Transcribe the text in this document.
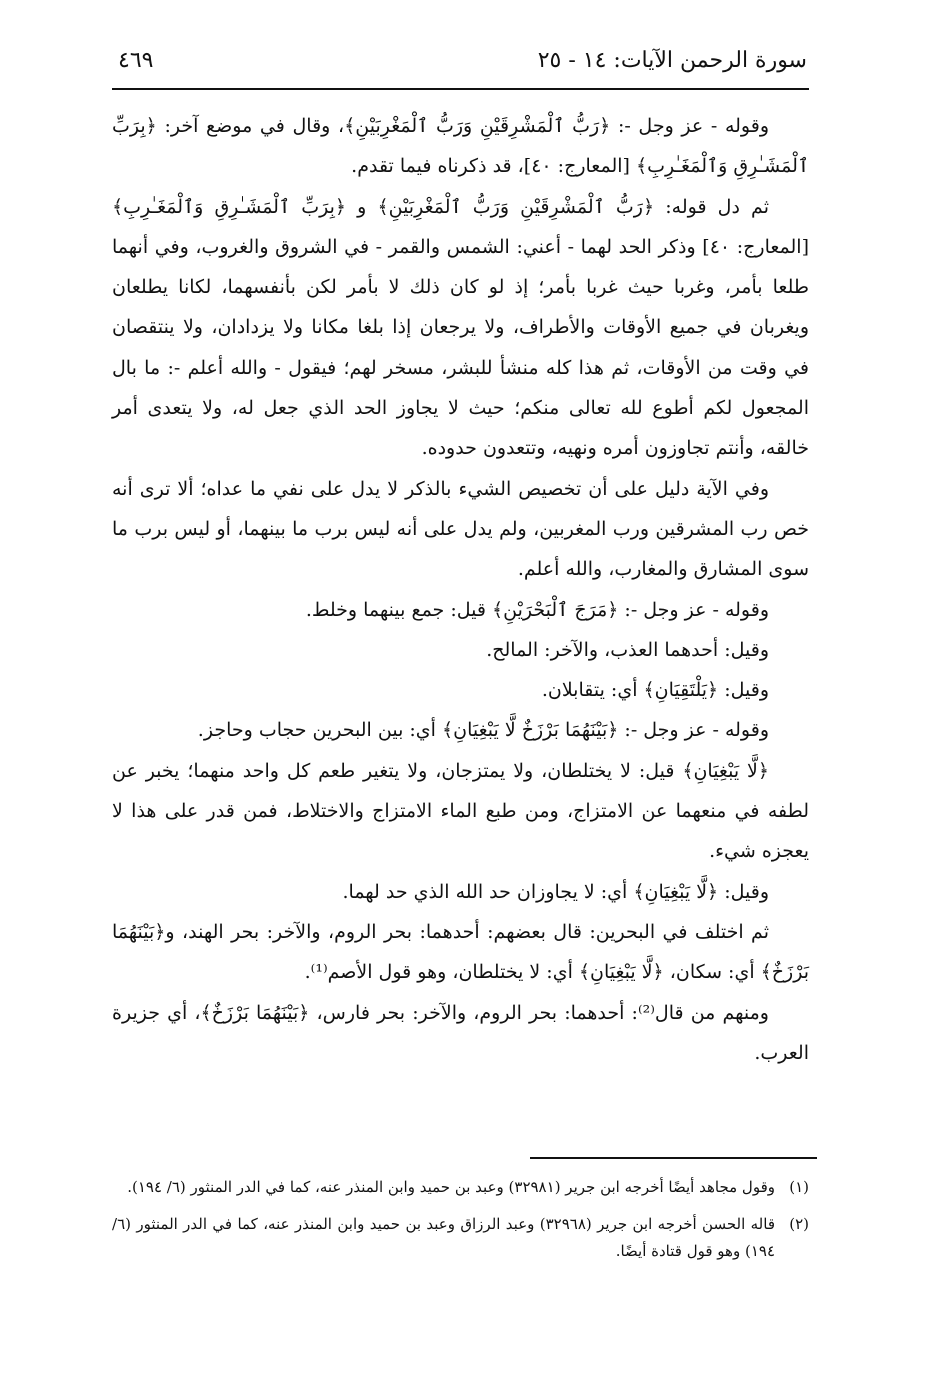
سورة الرحمن الآيات: ١٤ - ٢٥
٤٦٩

وقوله - عز وجل -: ﴿رَبُّ ٱلْمَشْرِقَيْنِ وَرَبُّ ٱلْمَغْرِبَيْنِ﴾، وقال في موضع آخر: ﴿بِرَبِّ ٱلْمَشَـٰرِقِ وَٱلْمَغَـٰرِبِ﴾ [المعارج: ٤٠]، قد ذكرناه فيما تقدم.

ثم دل قوله: ﴿رَبُّ ٱلْمَشْرِقَيْنِ وَرَبُّ ٱلْمَغْرِبَيْنِ﴾ و ﴿بِرَبِّ ٱلْمَشَـٰرِقِ وَٱلْمَغَـٰرِبِ﴾ [المعارج: ٤٠] وذكر الحد لهما - أعني: الشمس والقمر - في الشروق والغروب، وفي أنهما طلعا بأمر، وغربا حيث غربا بأمر؛ إذ لو كان ذلك لا بأمر لكن بأنفسهما، لكانا يطلعان ويغربان في جميع الأوقات والأطراف، ولا يرجعان إذا بلغا مكانا ولا يزدادان، ولا ينتقصان في وقت من الأوقات، ثم هذا كله منشأ للبشر، مسخر لهم؛ فيقول - والله أعلم -: ما بال المجعول لكم أطوع لله تعالى منكم؛ حيث لا يجاوز الحد الذي جعل له، ولا يتعدى أمر خالقه، وأنتم تجاوزون أمره ونهيه، وتتعدون حدوده.

وفي الآية دليل على أن تخصيص الشيء بالذكر لا يدل على نفي ما عداه؛ ألا ترى أنه خص رب المشرقين ورب المغربين، ولم يدل على أنه ليس برب ما بينهما، أو ليس برب ما سوى المشارق والمغارب، والله أعلم.

وقوله - عز وجل -: ﴿مَرَجَ ٱلْبَحْرَيْنِ﴾ قيل: جمع بينهما وخلط.

وقيل: أحدهما العذب، والآخر: المالح.

وقيل: ﴿يَلْتَقِيَانِ﴾ أي: يتقابلان.

وقوله - عز وجل -: ﴿بَيْنَهُمَا بَرْزَخٌ لَّا يَبْغِيَانِ﴾ أي: بين البحرين حجاب وحاجز.

﴿لَّا يَبْغِيَانِ﴾ قيل: لا يختلطان، ولا يمتزجان، ولا يتغير طعم كل واحد منهما؛ يخبر عن لطفه في منعهما عن الامتزاج، ومن طبع الماء الامتزاج والاختلاط، فمن قدر على هذا لا يعجزه شيء.

وقيل: ﴿لَّا يَبْغِيَانِ﴾ أي: لا يجاوزان حد الله الذي حد لهما.

ثم اختلف في البحرين: قال بعضهم: أحدهما: بحر الروم، والآخر: بحر الهند، و﴿بَيْنَهُمَا بَرْزَخٌ﴾ أي: سكان، ﴿لَّا يَبْغِيَانِ﴾ أي: لا يختلطان، وهو قول الأصم⁽¹⁾.

ومنهم من قال⁽²⁾: أحدهما: بحر الروم، والآخر: بحر فارس، ﴿بَيْنَهُمَا بَرْزَخٌ﴾، أي جزيرة العرب.

(١)
وقول مجاهد أيضًا أخرجه ابن جرير (٣٢٩٨١) وعبد بن حميد وابن المنذر عنه، كما في الدر المنثور (٦/ ١٩٤).
(٢)
قاله الحسن أخرجه ابن جرير (٣٢٩٦٨) وعبد الرزاق وعبد بن حميد وابن المنذر عنه، كما في الدر المنثور (٦/ ١٩٤) وهو قول قتادة أيضًا.
